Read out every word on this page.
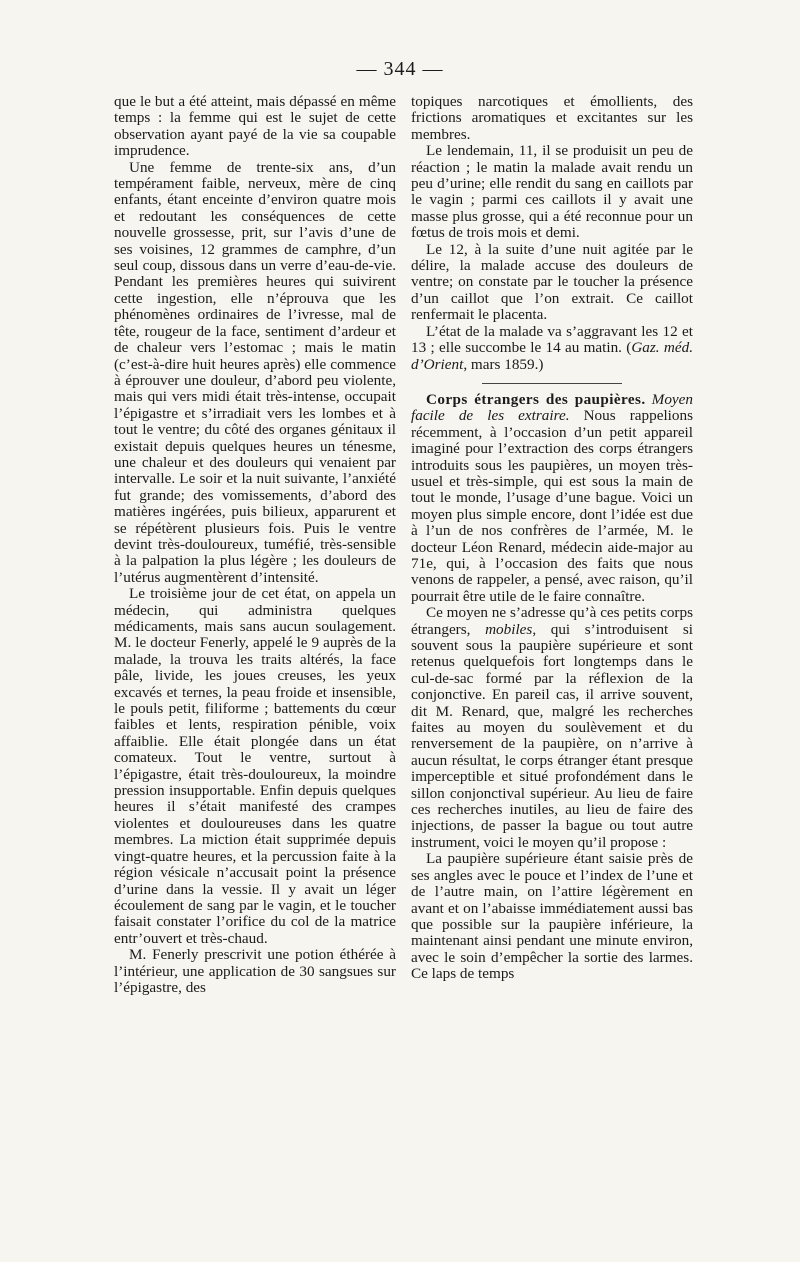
— 344 —

que le but a été atteint, mais dépassé en même temps : la femme qui est le sujet de cette observation ayant payé de la vie sa coupable imprudence.

Une femme de trente-six ans, d’un tempérament faible, nerveux, mère de cinq enfants, étant enceinte d’environ quatre mois et redoutant les conséquences de cette nouvelle grossesse, prit, sur l’avis d’une de ses voisines, 12 grammes de camphre, d’un seul coup, dissous dans un verre d’eau-de-vie. Pendant les premières heures qui suivirent cette ingestion, elle n’éprouva que les phénomènes ordinaires de l’ivresse, mal de tête, rougeur de la face, sentiment d’ardeur et de chaleur vers l’estomac ; mais le matin (c’est-à-dire huit heures après) elle commence à éprouver une douleur, d’abord peu violente, mais qui vers midi était très-intense, occupait l’épigastre et s’irradiait vers les lombes et à tout le ventre; du côté des organes génitaux il existait depuis quelques heures un ténesme, une chaleur et des douleurs qui venaient par intervalle. Le soir et la nuit suivante, l’anxiété fut grande; des vomissements, d’abord des matières ingérées, puis bilieux, apparurent et se répétèrent plusieurs fois. Puis le ventre devint très-douloureux, tuméfié, très-sensible à la palpation la plus légère ; les douleurs de l’utérus augmentèrent d’intensité.

Le troisième jour de cet état, on appela un médecin, qui administra quelques médicaments, mais sans aucun soulagement. M. le docteur Fenerly, appelé le 9 auprès de la malade, la trouva les traits altérés, la face pâle, livide, les joues creuses, les yeux excavés et ternes, la peau froide et insensible, le pouls petit, filiforme ; battements du cœur faibles et lents, respiration pénible, voix affaiblie. Elle était plongée dans un état comateux. Tout le ventre, surtout à l’épigastre, était très-douloureux, la moindre pression insupportable. Enfin depuis quelques heures il s’était manifesté des crampes violentes et douloureuses dans les quatre membres. La miction était supprimée depuis vingt-quatre heures, et la percussion faite à la région vésicale n’accusait point la présence d’urine dans la vessie. Il y avait un léger écoulement de sang par le vagin, et le toucher faisait constater l’orifice du col de la matrice entr’ouvert et très-chaud.

M. Fenerly prescrivit une potion éthérée à l’intérieur, une application de 30 sangsues sur l’épigastre, des

topiques narcotiques et émollients, des frictions aromatiques et excitantes sur les membres.

Le lendemain, 11, il se produisit un peu de réaction ; le matin la malade avait rendu un peu d’urine; elle rendit du sang en caillots par le vagin ; parmi ces caillots il y avait une masse plus grosse, qui a été reconnue pour un fœtus de trois mois et demi.

Le 12, à la suite d’une nuit agitée par le délire, la malade accuse des douleurs de ventre; on constate par le toucher la présence d’un caillot que l’on extrait. Ce caillot renfermait le placenta.

L’état de la malade va s’aggravant les 12 et 13 ; elle succombe le 14 au matin. (Gaz. méd. d’Orient, mars 1859.)

Corps étrangers des paupières. Moyen facile de les extraire. Nous rappelions récemment, à l’occasion d’un petit appareil imaginé pour l’extraction des corps étrangers introduits sous les paupières, un moyen très-usuel et très-simple, qui est sous la main de tout le monde, l’usage d’une bague. Voici un moyen plus simple encore, dont l’idée est due à l’un de nos confrères de l’armée, M. le docteur Léon Renard, médecin aide-major au 71e, qui, à l’occasion des faits que nous venons de rappeler, a pensé, avec raison, qu’il pourrait être utile de le faire connaître.

Ce moyen ne s’adresse qu’à ces petits corps étrangers, mobiles, qui s’introduisent si souvent sous la paupière supérieure et sont retenus quelquefois fort longtemps dans le cul-de-sac formé par la réflexion de la conjonctive. En pareil cas, il arrive souvent, dit M. Renard, que, malgré les recherches faites au moyen du soulèvement et du renversement de la paupière, on n’arrive à aucun résultat, le corps étranger étant presque imperceptible et situé profondément dans le sillon conjonctival supérieur. Au lieu de faire ces recherches inutiles, au lieu de faire des injections, de passer la bague ou tout autre instrument, voici le moyen qu’il propose :

La paupière supérieure étant saisie près de ses angles avec le pouce et l’index de l’une et de l’autre main, on l’attire légèrement en avant et on l’abaisse immédiatement aussi bas que possible sur la paupière inférieure, la maintenant ainsi pendant une minute environ, avec le soin d’empêcher la sortie des larmes. Ce laps de temps
